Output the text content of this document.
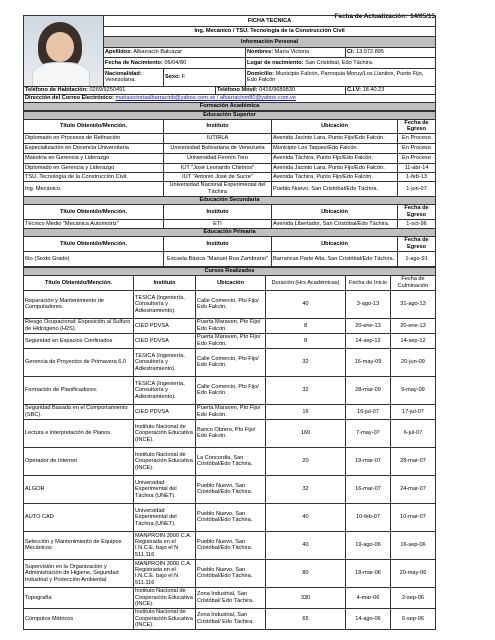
Fecha de Actualización: 14/05/15
	FICHA TECNICA				
	Ing. Mecánico / TSU. Tecnología de la Construcción Civil				
	Información Personal				
	Apellidos: Albarracín Balcázar			Nombres: María Victoria	CI: 13.972.895
	Fecha de Nacimiento: 06/04/80			Lugar de nacimiento: San Cristóbal, Edo Táchira.	
	Nacionalidad: Venezolana.	Sexo: F		Domicilio: Municipio Falcón, Parroquia Moruy/Los Llanitos, Punto Fijo, Edo Falcón	
Teléfono de Habitación: 0269/9250491			Teléfono Móvil: 0416/9689830		C.I.V: 18.40.23
Dirección del Correo Electrónico: mariavictoriaalbarracinb@yahoo.com.ve / albarracinm80@yahoo.com.ve					
Formación Académica					
Educación Superior			
Título Obtenido/Mención.	Instituto	Ubicación	Fecha de Egreso
Diplomado en Procesos de Refinación	IUTIRLA	Avenida Jacinto Lara, Punto Fijo/Edo Falcón.	En Proceso
Especialización en Docencia Universitaria	Universidad Bolivariana de Venezuela	Municipio Los Taques/Edo Falcón.	En Proceso
Maestría en Gerencia y Liderazgo	Universidad Fermín Toro	Avenida Táchira, Punto Fijo/Edo Falcón.	En Proceso
Diplomado en Gerencia y Liderazgo	IUT "José Leonardo Chirinos"	Avenida Jacinto Lara, Punto Fijo/Edo Falcón.	11-abr-14
TSU. Tecnología de la Construcción Civil.	IUT "Antonio José de Sucre"	Avenida Táchira, Punto Fijo/Edo Falcón.	1-feb-13
Ing. Mecánico.	Universidad Nacional Experimental del Táchira	Pueblo Nuevo, San Cristóbal/Edo Táchira.	1-jun-07
Educación Secundaria			
Título Obtenido/Mención.	Instituto	Ubicación	Fecha de Egreso
Técnico Medio "Mecánica Automotriz"	ETI	Avenida Libertador, San Cristóbal/Edo Táchira.	1-oct-96
Educación Primaria			
Título Obtenido/Mención.	Instituto	Ubicación	Fecha de Egreso
6to (Sexto Grado)	Escuela Básica "Manuel Roa Zambrano"	Barrancas Parte Alta, San Cristóbal/Edo Táchira.	1-ago-91
Cursos Realizados					
Título Obtenido/Mención.	Instituto	Ubicación	Duración (Hrs Académicas)	Fecha de Inicio	Fecha de Culminación
Reparación y Mantenimiento de Computadores.	TESICA (Ingeniería, Consultoría y Adiestramiento).	Calle Comercio, Pto Fijo/ Edo Falcón.	40	3-ago-13	31-ago-13
Riesgo Ocupacional: Exposición al Sulfuro de Hidrógeno (H2S).	CIED PDVSA	Puerta Maraven, Pto Fijo/ Edo Falcón.	8	20-ene-13	20-ene-13
Seguridad en Espacios Confinados	CIED PDVSA	Puerta Maraven, Pto Fijo/ Edo Falcón.	8	14-sep-12	14-sep-12
Gerencia de Proyectos de Primavera 6.0	TESICA (Ingeniería, Consultoría y Adiestramiento).	Calle Comercio, Pto Fijo/ Edo Falcón.	32	16-may-09	20-jun-09
Formación de Planificadores.	TESICA (Ingeniería, Consultoría y Adiestramiento).	Calle Comercio, Pto Fijo/ Edo Falcón.	32	28-mar-09	9-may-09
Seguridad Basada en el Comportamiento (SBC).	CIED PDVSA	Puerta Maraven, Pto Fijo/ Edo Falcón.	16	16-jul-07	17-jul-07
Lectura e interpretación de Planos.	Instituto Nacional de Cooperación Educativa (INCE).	Banco Obrero, Pto Fijo/ Edo Falcón.	160	7-may-07	6-jul-07
Operador de Internet	Instituto Nacional de Cooperación Educativa (INCE).	La Concordia, San Cristóbal/Edo Táchira.	20	19-mar-07	28-mar-07
ALGOR	Universidad Experimental del Táchira (UNET).	Pueblo Nuevo, San Cristóbal/Edo Táchira.	32	16-mar-07	24-mar-07
AUTO CAD	Universidad Experimental del Táchira (UNET).	Pueblo Nuevo, San Cristóbal/Edo Táchira.	40	10-feb-07	10-mar-07
Selección y Mantenimiento de Equipos Mecánicos	MANPROIN 3000 C.A. Registrada en el I.N.C.E. bajo el N 511.116	Pueblo Nuevo, San Cristóbal/Edo Táchira.	40	19-ago-06	16-sep-06
Supervisión en la Organización y Administración de Higiene, Seguridad Industrial y Protección Ambiental.	MANPROIN 3000 C.A. Registrada en el I.N.C.E. bajo el N 511.116	Pueblo Nuevo, San Cristóbal/Edo Táchira.	80	18-mar-06	20-may-06
Topografía	Instituto Nacional de Cooperación Educativa (INCE).	Zona Industrial, San Cristóbal/ Edo Táchira.	330	4-mar-06	2-sep-06
Cómputos Métricos	Instituto Nacional de Cooperación Educativa (INCE).	Zona Industrial, San Cristóbal/ Edo Táchira.	65	14-ago-06	6-sep-06
